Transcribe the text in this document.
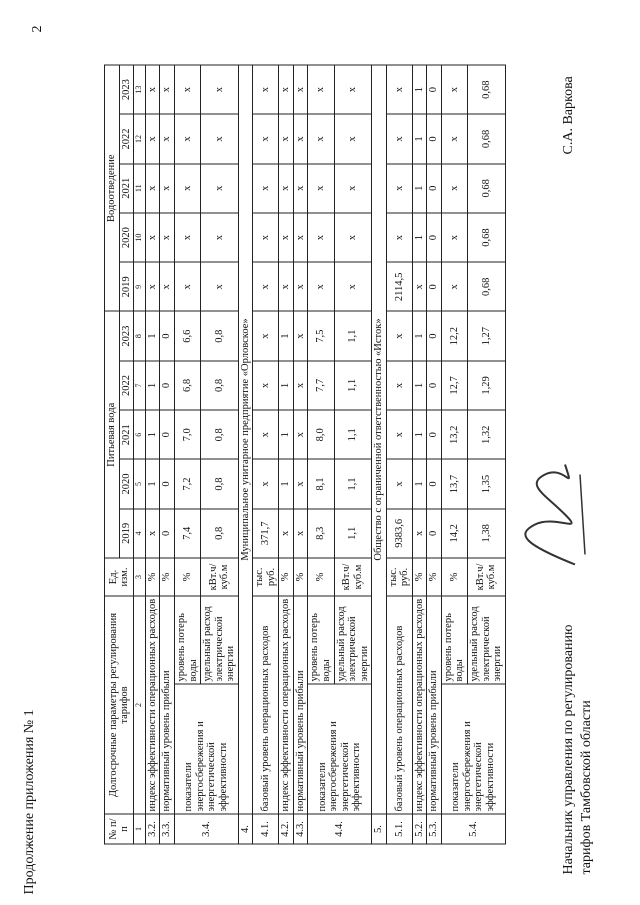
Продолжение приложения № 1
2
№ п/п	Долгосрочные параметры регулирования тарифов		Ед. изм.	Питьевая вода					Водоотведение				
				2019	2020	2021	2022	2023	2019	2020	2021	2022	2023
1	2		3	4	5	6	7	8	9	10	11	12	13
3.2.	индекс эффективности операционных расходов		%	х	1	1	1	1	х	х	х	х	х
3.3.	нормативный уровень прибыли		%	0	0	0	0	0	х	х	х	х	х
3.4.	показатели энергосбережения и энергетической эффективности	уровень потерь воды	%	7,4	7,2	7,0	6,8	6,6	х	х	х	х	х
		удельный расход электрической энергии	кВт.ч/ куб.м	0,8	0,8	0,8	0,8	0,8	х	х	х	х	х
4.	Муниципальное унитарное предприятие «Орловское»												
4.1.	базовый уровень операционных расходов		тыс. руб.	371,7	х	х	х	х	х	х	х	х	х
4.2.	индекс эффективности операционных расходов		%	х	1	1	1	1	х	х	х	х	х
4.3.	нормативный уровень прибыли		%	х	х	х	х	х	х	х	х	х	х
4.4.	показатели энергосбережения и энергетической эффективности	уровень потерь воды	%	8,3	8,1	8,0	7,7	7,5	х	х	х	х	х
		удельный расход электрической энергии	кВт.ч/ куб.м	1,1	1,1	1,1	1,1	1,1	х	х	х	х	х
5.	Общество с ограниченной ответственностью «Исток»												
5.1.	базовый уровень операционных расходов		тыс. руб.	9383,6	х	х	х	х	2114,5	х	х	х	х
5.2.	индекс эффективности операционных расходов		%	х	1	1	1	1	х	1	1	1	1
5.3.	нормативный уровень прибыли		%	0	0	0	0	0	0	0	0	0	0
5.4.	показатели энергосбережения и энергетической эффективности	уровень потерь воды	%	14,2	13,7	13,2	12,7	12,2	х	х	х	х	х
		удельный расход электрической энергии	кВт.ч/ куб.м	1,38	1,35	1,32	1,29	1,27	0,68	0,68	0,68	0,68	0,68
Начальник управления по регулированию тарифов Тамбовской области
С.А. Варкова
